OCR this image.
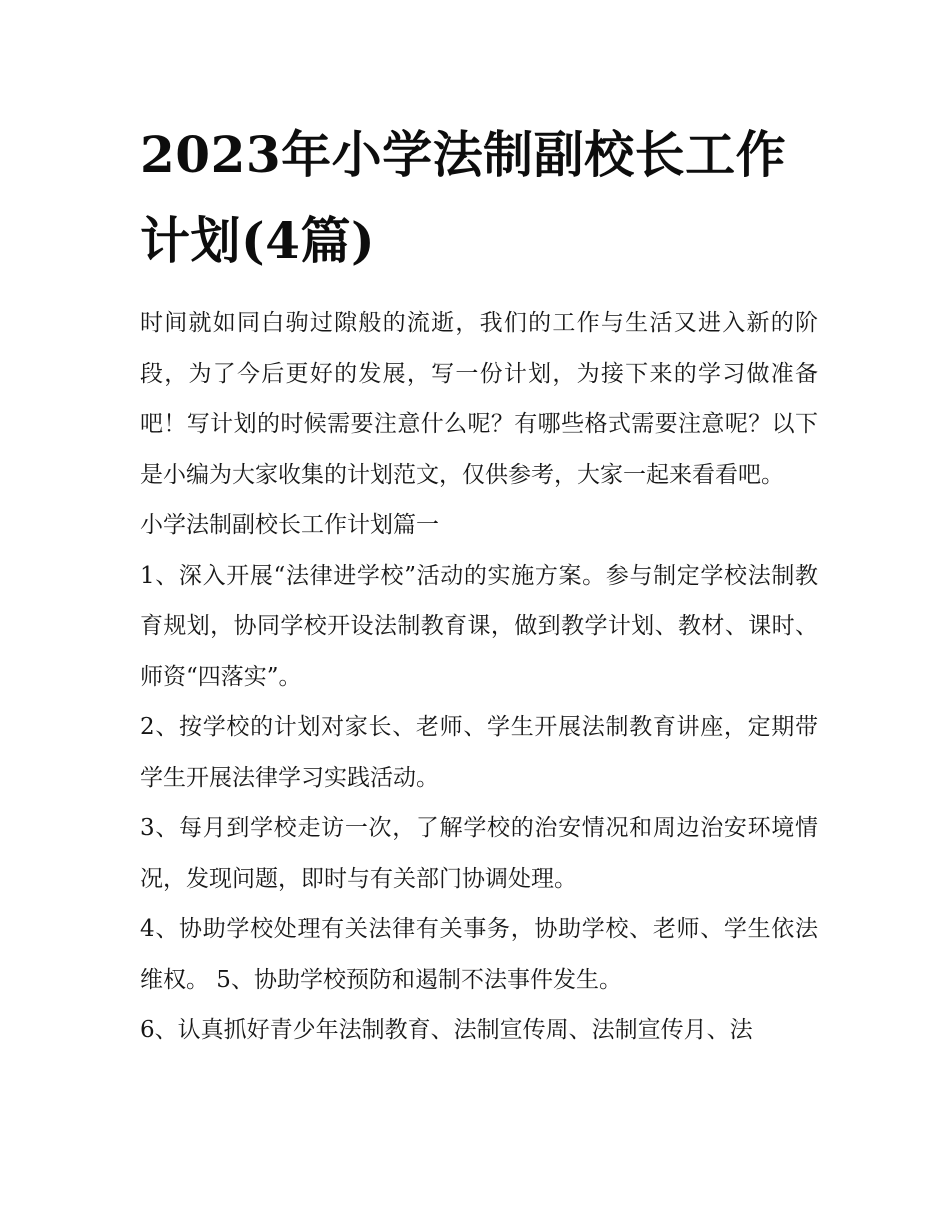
2023年小学法制副校长工作计划(4篇)

时间就如同白驹过隙般的流逝，我们的工作与生活又进入新的阶段，为了今后更好的发展，写一份计划，为接下来的学习做准备吧！写计划的时候需要注意什么呢？有哪些格式需要注意呢？以下是小编为大家收集的计划范文，仅供参考，大家一起来看看吧。

小学法制副校长工作计划篇一

1、深入开展“法律进学校”活动的实施方案。参与制定学校法制教育规划，协同学校开设法制教育课，做到教学计划、教材、课时、师资“四落实”。

2、按学校的计划对家长、老师、学生开展法制教育讲座，定期带学生开展法律学习实践活动。

3、每月到学校走访一次，了解学校的治安情况和周边治安环境情况，发现问题，即时与有关部门协调处理。

4、协助学校处理有关法律有关事务，协助学校、老师、学生依法维权。 5、协助学校预防和遏制不法事件发生。

6、认真抓好青少年法制教育、法制宣传周、法制宣传月、法
